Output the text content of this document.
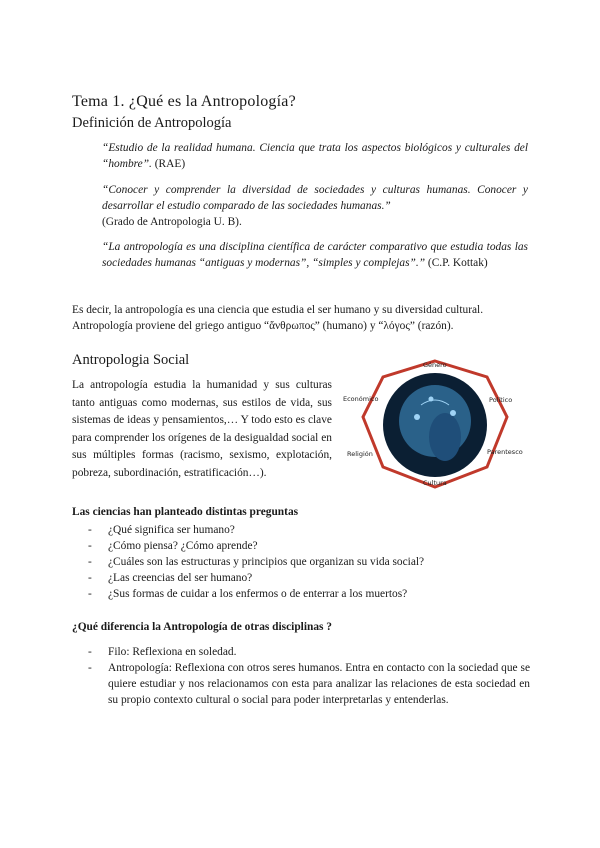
Tema 1. ¿Qué es la Antropología?
Definición de Antropología
“Estudio de la realidad humana. Ciencia que trata los aspectos biológicos y culturales del “hombre”. (RAE)
“Conocer y comprender la diversidad de sociedades y culturas humanas. Conocer y desarrollar el estudio comparado de las sociedades humanas.”
(Grado de Antropologia U. B).
“La antropología es una disciplina científica de carácter comparativo que estudia todas las sociedades humanas “antiguas y modernas”, “simples y complejas”.” (C.P. Kottak)
Es decir, la antropología es una ciencia que estudia el ser humano y su diversidad cultural.
Antropología proviene del griego antiguo “ἄνθρωπος” (humano) y “λόγος” (razón).
Antropologia Social
La antropología estudia la humanidad y sus culturas tanto antiguas como modernas, sus estilos de vida, sus sistemas de ideas y pensamientos,… Y todo esto es clave para comprender los orígenes de la desigualdad social en sus múltiples formas (racismo, sexismo, explotación, pobreza, subordinación, estratificación…).
Género
Político
Parentesco
Cultura
Religión
Económico
Las ciencias han planteado distintas preguntas
- ¿Qué significa ser humano?
- ¿Cómo piensa? ¿Cómo aprende?
- ¿Cuáles son las estructuras y principios que organizan su vida social?
- ¿Las creencias del ser humano?
- ¿Sus formas de cuidar a los enfermos o de enterrar a los muertos?
¿Qué diferencia la Antropología de otras disciplinas ?
- Filo: Reflexiona en soledad.
- Antropología: Reflexiona con otros seres humanos. Entra en contacto con la sociedad que se quiere estudiar y nos relacionamos con esta para analizar las relaciones de esta sociedad en su propio contexto cultural o social para poder interpretarlas y entenderlas.
